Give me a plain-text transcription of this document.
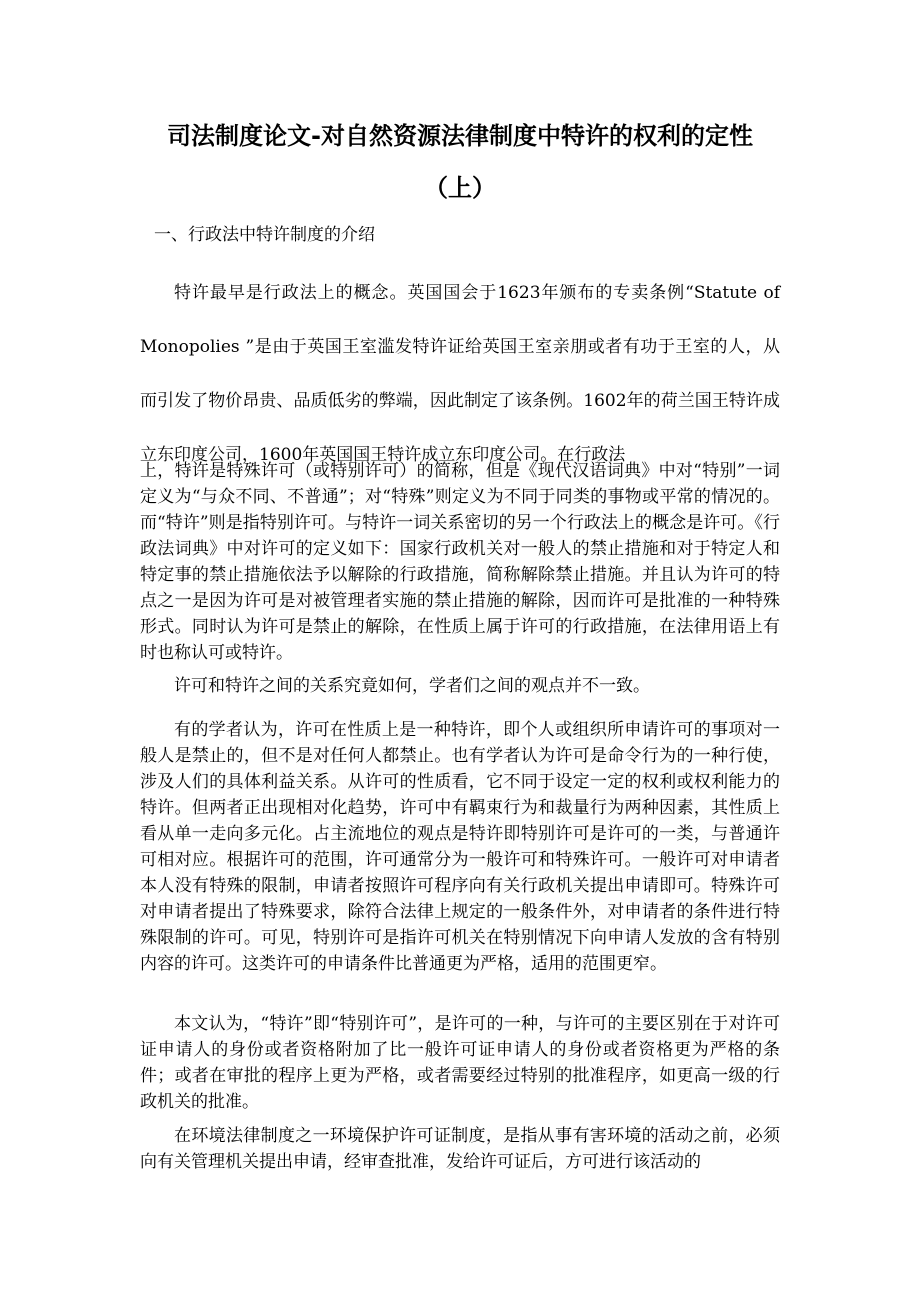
司法制度论文-对自然资源法律制度中特许的权利的定性
（上）

一、行政法中特许制度的介绍

特许最早是行政法上的概念。英国国会于1623年颁布的专卖条例“Statute of Monopolies ”是由于英国王室滥发特许证给英国王室亲朋或者有功于王室的人，从而引发了物价昂贵、品质低劣的弊端，因此制定了该条例。1602年的荷兰国王特许成立东印度公司，1600年英国国王特许成立东印度公司。在行政法

上，特许是特殊许可（或特别许可）的简称，但是《现代汉语词典》中对“特别”一词定义为“与众不同、不普通”；对“特殊”则定义为不同于同类的事物或平常的情况的。而“特许”则是指特别许可。与特许一词关系密切的另一个行政法上的概念是许可。《行政法词典》中对许可的定义如下：国家行政机关对一般人的禁止措施和对于特定人和特定事的禁止措施依法予以解除的行政措施，简称解除禁止措施。并且认为许可的特点之一是因为许可是对被管理者实施的禁止措施的解除，因而许可是批准的一种特殊形式。同时认为许可是禁止的解除，在性质上属于许可的行政措施，在法律用语上有时也称认可或特许。

许可和特许之间的关系究竟如何，学者们之间的观点并不一致。

有的学者认为，许可在性质上是一种特许，即个人或组织所申请许可的事项对一般人是禁止的，但不是对任何人都禁止。也有学者认为许可是命令行为的一种行使，涉及人们的具体利益关系。从许可的性质看，它不同于设定一定的权利或权利能力的特许。但两者正出现相对化趋势，许可中有羁束行为和裁量行为两种因素，其性质上看从单一走向多元化。占主流地位的观点是特许即特别许可是许可的一类，与普通许可相对应。根据许可的范围，许可通常分为一般许可和特殊许可。一般许可对申请者本人没有特殊的限制，申请者按照许可程序向有关行政机关提出申请即可。特殊许可对申请者提出了特殊要求，除符合法律上规定的一般条件外，对申请者的条件进行特殊限制的许可。可见，特别许可是指许可机关在特别情况下向申请人发放的含有特别内容的许可。这类许可的申请条件比普通更为严格，适用的范围更窄。

本文认为，“特许”即“特别许可”，是许可的一种，与许可的主要区别在于对许可证申请人的身份或者资格附加了比一般许可证申请人的身份或者资格更为严格的条件；或者在审批的程序上更为严格，或者需要经过特别的批准程序，如更高一级的行政机关的批准。

在环境法律制度之一环境保护许可证制度，是指从事有害环境的活动之前，必须向有关管理机关提出申请，经审查批准，发给许可证后，方可进行该活动的
